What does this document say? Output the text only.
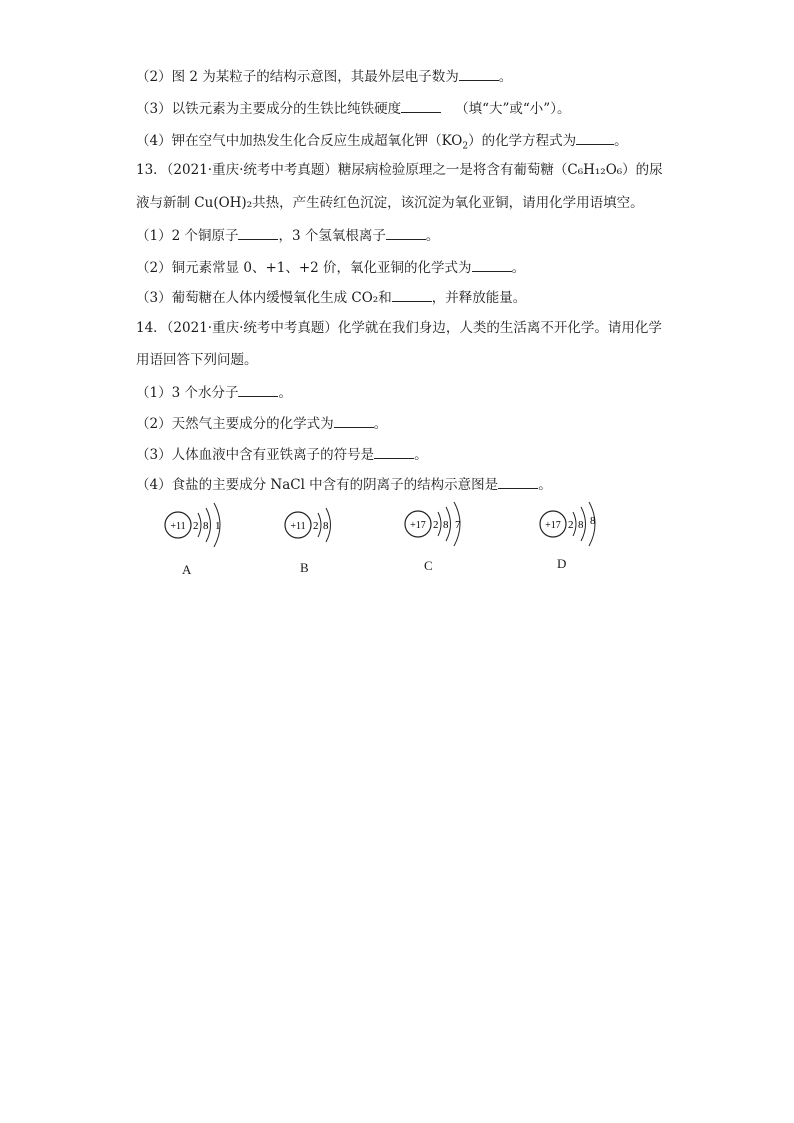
（2）图 2 为某粒子的结构示意图，其最外层电子数为	。
（3）以铁元素为主要成分的生铁比纯铁硬度	（填“大”或“小”）。
（4）钾在空气中加热发生化合反应生成超氧化钾$(KO_2)$的化学方程式为	。
13．（2021·重庆·统考中考真题）糖尿病检验原理之一是将含有葡萄糖（C₆H₁₂O₆）的尿
液与新制 Cu(OH)₂共热，产生砖红色沉淀，该沉淀为氧化亚铜，请用化学用语填空。
（1）2 个铜原子	，3 个氢氧根离子	。
（2）铜元素常显 0、+1、+2 价，氧化亚铜的化学式为	。
（3）葡萄糖在人体内缓慢氧化生成 CO₂和	，并释放能量。
14．（2021·重庆·统考中考真题）化学就在我们身边，人类的生活离不开化学。请用化学
用语回答下列问题。
（1）3 个水分子	。
（2）天然气主要成分的化学式为	。
（3）人体血液中含有亚铁离子的符号是	。
（4）食盐的主要成分 NaCl 中含有的阴离子的结构示意图是	。
+11 2 8 1
A
+11 2 8
B
+17 2 8 7
C
+17 2 8 8
D
